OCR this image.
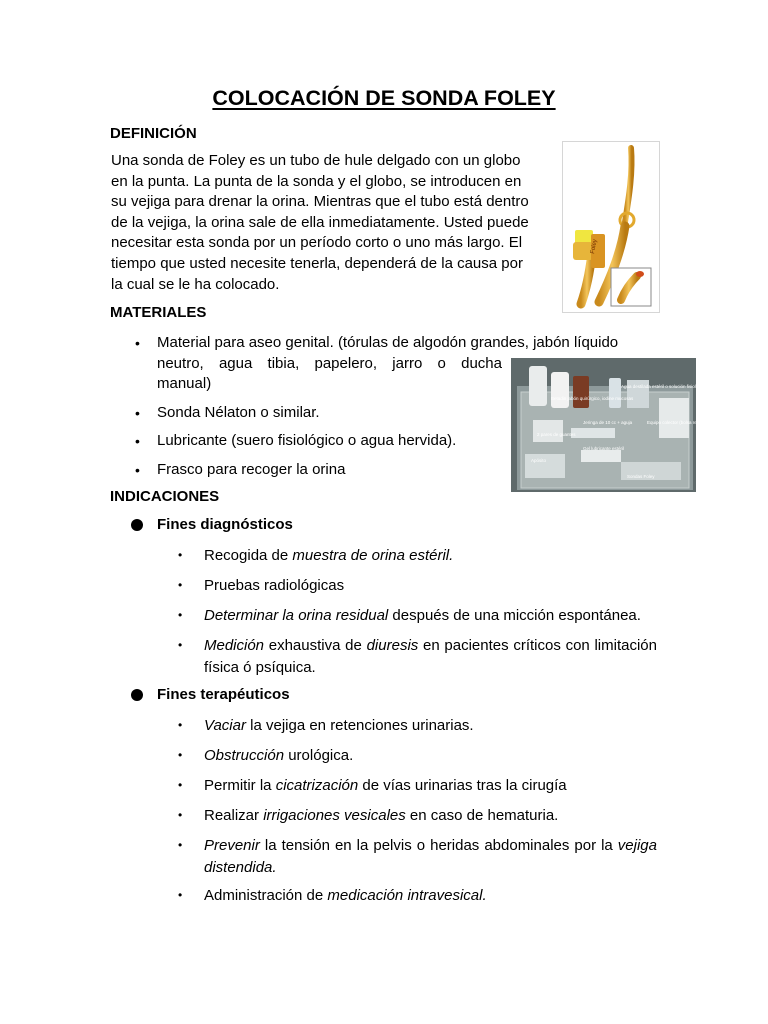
COLOCACIÓN DE SONDA FOLEY
DEFINICIÓN

Una sonda de Foley es un tubo de hule delgado con un globo
en la punta. La punta de la sonda y el globo, se introducen en
su vejiga para drenar la orina. Mientras que el tubo está dentro
de la vejiga, la orina sale de ella inmediatamente. Usted puede
necesitar esta sonda por un período corto o uno más largo. El
tiempo que usted necesite tenerla, dependerá de la causa por
la cual se le ha colocado.

Foley
MATERIALES
•	Material para aseo genital. (tórulas de algodón grandes, jabón líquido
neutro, agua tibia, papelero, jarro o ducha
manual)
•	Sonda Nélaton o similar.
•	Lubricante (suero fisiológico o agua hervida).
•	Frasco para recoger la orina
Betadin jabón quirúrgico, iodine mucosas
Agua destilada estéril o solución fisiológica
Jeringa de 10 cc + aguja	Equipo colector (bolsa recolectora)
2 pares de guantes
Gel lubricante estéril
Sondas Foley
Apósito
INDICACIONES
Fines diagnósticos
• Recogida de muestra de orina estéril.
• Pruebas radiológicas
• Determinar la orina residual después de una micción espontánea.
• Medición exhaustiva de diuresis en pacientes críticos con limitación física ó psíquica.
Fines terapéuticos
• Vaciar la vejiga en retenciones urinarias.
• Obstrucción urológica.
• Permitir la cicatrización de vías urinarias tras la cirugía
• Realizar irrigaciones vesicales en caso de hematuria.
• Prevenir la tensión en la pelvis o heridas abdominales por la vejiga distendida.
• Administración de medicación intravesical.
